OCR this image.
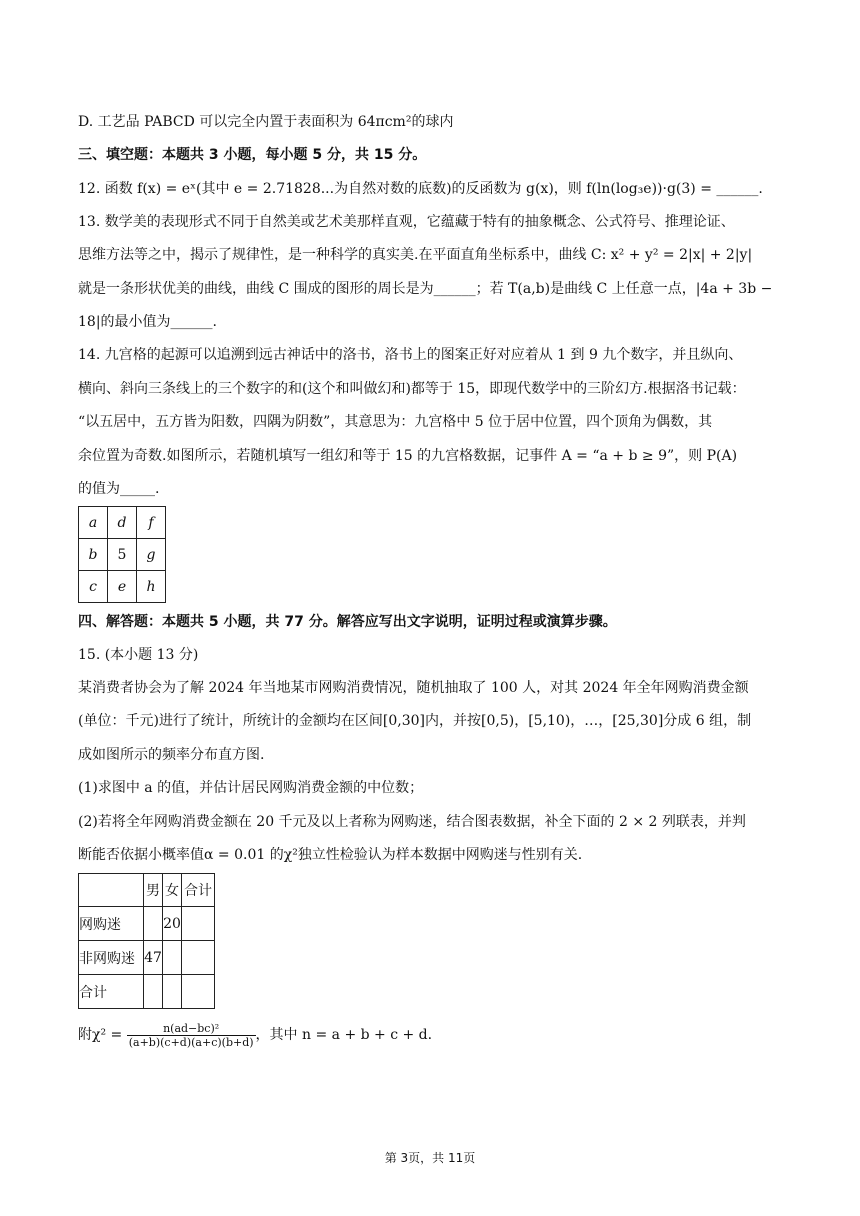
D. 工艺品 PABCD 可以完全内置于表面积为 64πcm²的球内
三、填空题：本题共 3 小题，每小题 5 分，共 15 分。
12. 函数 f(x) = eˣ(其中 e = 2.71828...为自然对数的底数)的反函数为 g(x)，则 f(ln(log₃e))·g(3) = ______.
13. 数学美的表现形式不同于自然美或艺术美那样直观，它蕴藏于特有的抽象概念、公式符号、推理论证、
思维方法等之中，揭示了规律性，是一种科学的真实美.在平面直角坐标系中，曲线 C: x² + y² = 2|x| + 2|y|
就是一条形状优美的曲线，曲线 C 围成的图形的周长是为______；若 T(a,b)是曲线 C 上任意一点，|4a + 3b −
18|的最小值为______.
14. 九宫格的起源可以追溯到远古神话中的洛书，洛书上的图案正好对应着从 1 到 9 九个数字，并且纵向、
横向、斜向三条线上的三个数字的和(这个和叫做幻和)都等于 15，即现代数学中的三阶幻方.根据洛书记载：
“以五居中，五方皆为阳数，四隅为阴数”，其意思为：九宫格中 5 位于居中位置，四个顶角为偶数，其
余位置为奇数.如图所示，若随机填写一组幻和等于 15 的九宫格数据，记事件 A = “a + b ≥ 9”，则 P(A)
的值为_____.
a	d	f
b	5	g
c	e	h
四、解答题：本题共 5 小题，共 77 分。解答应写出文字说明，证明过程或演算步骤。
15. (本小题 13 分)
某消费者协会为了解 2024 年当地某市网购消费情况，随机抽取了 100 人，对其 2024 年全年网购消费金额
(单位：千元)进行了统计，所统计的金额均在区间[0,30]内，并按[0,5)，[5,10)，…，[25,30]分成 6 组，制
成如图所示的频率分布直方图.
(1)求图中 a 的值，并估计居民网购消费金额的中位数；
(2)若将全年网购消费金额在 20 千元及以上者称为网购迷，结合图表数据，补全下面的 2 × 2 列联表，并判
断能否依据小概率值α = 0.01 的χ²独立性检验认为样本数据中网购迷与性别有关.
	男	女	合计
网购迷		20	
非网购迷	47		
合计			
附$\chi^2 = \frac{\text{n(ad−bc)²}}{(a+b)(c+d)(a+c)(b+d)}$ ，其中 n = a + b + c + d.
第 3页，共 11页
